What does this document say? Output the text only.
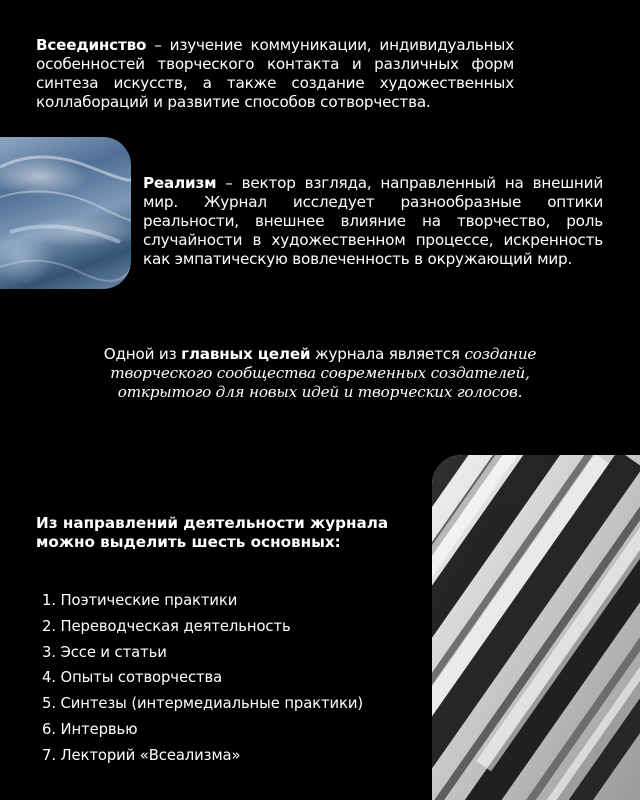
Всеединство – изучение коммуникации, индивидуальных особенностей творческого контакта и различных форм синтеза искусств, а также создание художественных коллабораций и развитие способов сотворчества.
Реализм – вектор взгляда, направленный на внешний мир. Журнал исследует разнообразные оптики реальности, внешнее влияние на творчество, роль случайности в художественном процессе, искренность как эмпатическую вовлеченность в окружающий мир.
Одной из главных целей журнала является создание творческого сообщества современных создателей, открытого для новых идей и творческих голосов.
Из направлений деятельности журнала можно выделить шесть основных:
1. Поэтические практики
2. Переводческая деятельность
3. Эссе и статьи
4. Опыты сотворчества
5. Синтезы (интермедиальные практики)
6. Интервью
7. Лекторий «Всеализма»
